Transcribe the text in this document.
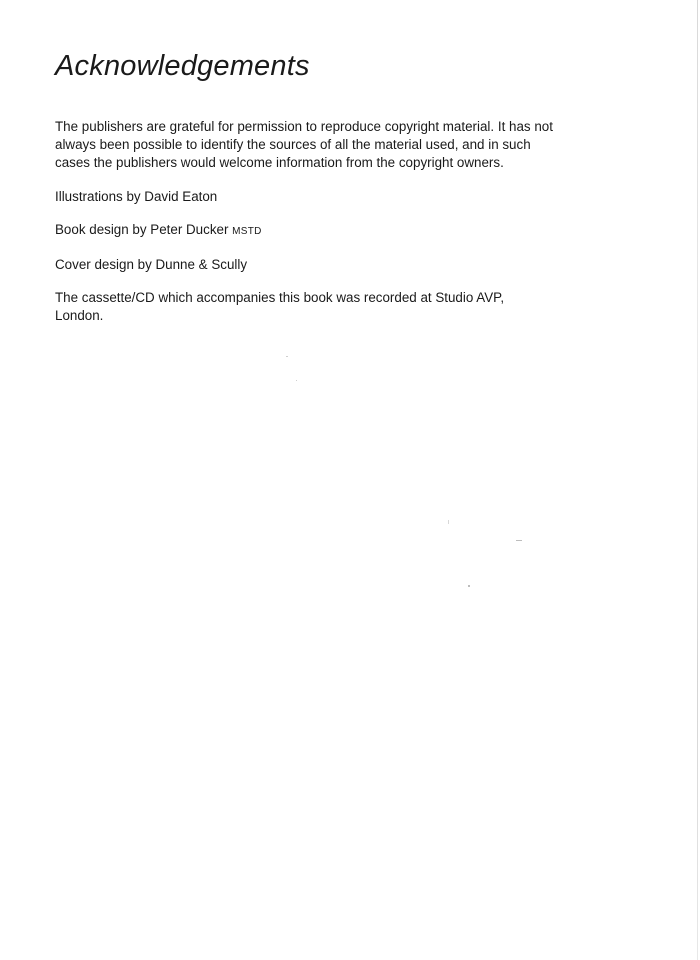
Acknowledgements

The publishers are grateful for permission to reproduce copyright material. It has not always been possible to identify the sources of all the material used, and in such cases the publishers would welcome information from the copyright owners.

Illustrations by David Eaton

Book design by Peter Ducker MSTD

Cover design by Dunne & Scully

The cassette/CD which accompanies this book was recorded at Studio AVP, London.
